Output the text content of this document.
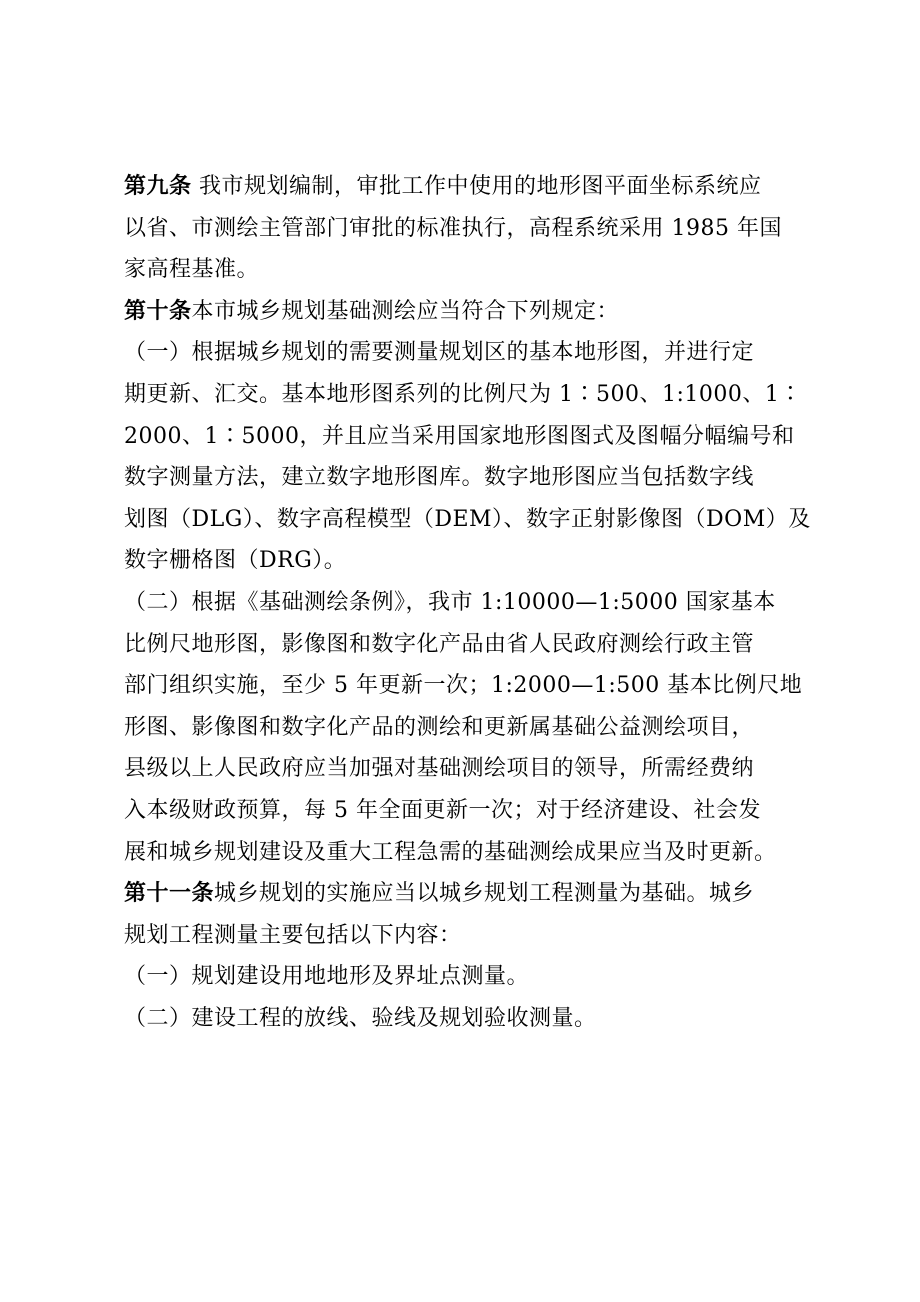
第九条 我市规划编制，审批工作中使用的地形图平面坐标系统应
以省、市测绘主管部门审批的标准执行，高程系统采用 1985 年国
家高程基准。
第十条本市城乡规划基础测绘应当符合下列规定：
（一）根据城乡规划的需要测量规划区的基本地形图，并进行定
期更新、汇交。基本地形图系列的比例尺为 1∶500、1:1000、1∶
2000、1∶5000，并且应当采用国家地形图图式及图幅分幅编号和
数字测量方法，建立数字地形图库。数字地形图应当包括数字线
划图（DLG）、数字高程模型（DEM）、数字正射影像图（DOM）及
数字栅格图（DRG）。
（二）根据《基础测绘条例》，我市 1:10000—1:5000 国家基本
比例尺地形图，影像图和数字化产品由省人民政府测绘行政主管
部门组织实施，至少 5 年更新一次；1:2000—1:500 基本比例尺地
形图、影像图和数字化产品的测绘和更新属基础公益测绘项目，
县级以上人民政府应当加强对基础测绘项目的领导，所需经费纳
入本级财政预算，每 5 年全面更新一次；对于经济建设、社会发
展和城乡规划建设及重大工程急需的基础测绘成果应当及时更新。
第十一条城乡规划的实施应当以城乡规划工程测量为基础。城乡
规划工程测量主要包括以下内容：
（一）规划建设用地地形及界址点测量。
（二）建设工程的放线、验线及规划验收测量。
